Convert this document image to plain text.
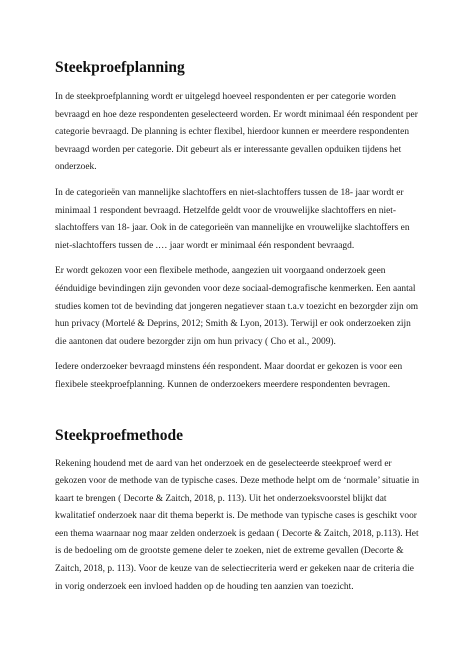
Steekproefplanning

In de steekproefplanning wordt er uitgelegd hoeveel respondenten er per categorie worden bevraagd en hoe deze respondenten geselecteerd worden. Er wordt minimaal één respondent per categorie bevraagd. De planning is echter flexibel, hierdoor kunnen er meerdere respondenten bevraagd worden per categorie. Dit gebeurt als er interessante gevallen opduiken tijdens het onderzoek.

In de categorieën van mannelijke slachtoffers en niet-slachtoffers tussen de 18- jaar wordt er minimaal 1 respondent bevraagd. Hetzelfde geldt voor de vrouwelijke slachtoffers en niet-slachtoffers van 18- jaar. Ook in de categorieën van mannelijke en vrouwelijke slachtoffers en niet-slachtoffers tussen de .… jaar wordt er minimaal één respondent bevraagd.

Er wordt gekozen voor een flexibele methode, aangezien uit voorgaand onderzoek geen éénduidige bevindingen zijn gevonden voor deze sociaal-demografische kenmerken. Een aantal studies komen tot de bevinding dat jongeren negatiever staan t.a.v toezicht en bezorgder zijn om hun privacy (Mortelé & Deprins, 2012; Smith & Lyon, 2013). Terwijl er ook onderzoeken zijn die aantonen dat oudere bezorgder zijn om hun privacy ( Cho et al., 2009).

Iedere onderzoeker bevraagd minstens één respondent. Maar doordat er gekozen is voor een flexibele steekproefplanning. Kunnen de onderzoekers meerdere respondenten bevragen.

Steekproefmethode

Rekening houdend met de aard van het onderzoek en de geselecteerde steekproef werd er gekozen voor de methode van de typische cases. Deze methode helpt om de ‘normale’ situatie in kaart te brengen ( Decorte & Zaitch, 2018, p. 113). Uit het onderzoeksvoorstel blijkt dat kwalitatief onderzoek naar dit thema beperkt is. De methode van typische cases is geschikt voor een thema waarnaar nog maar zelden onderzoek is gedaan ( Decorte & Zaitch, 2018, p.113). Het is de bedoeling om de grootste gemene deler te zoeken, niet de extreme gevallen (Decorte & Zaitch, 2018, p. 113). Voor de keuze van de selectiecriteria werd er gekeken naar de criteria die in vorig onderzoek een invloed hadden op de houding ten aanzien van toezicht.
